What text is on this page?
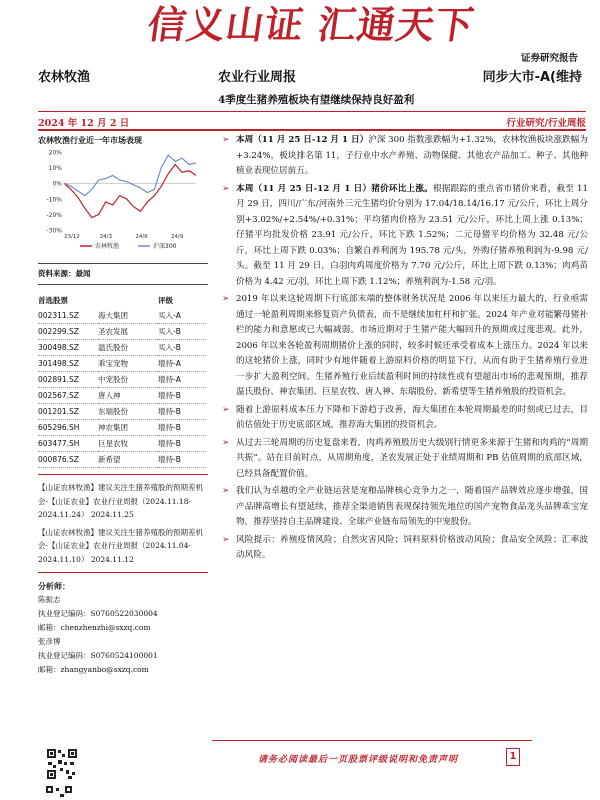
信义山证 汇通天下
证券研究报告
农林牧渔	农业行业周报	同步大市-A(维持
4季度生猪养殖板块有望继续保持良好盈利
2024 年 12 月 2 日	行业研究/行业周报
农林牧渔行业近一年市场表现
20%
10%
0%
-10%
-20%
-30%
23/12	24/3	24/6	24/9
农林牧渔	沪深300
资料来源：最闻
首选股票		评级
002311.SZ	海大集团	买入-A
002299.SZ	圣农发展	买入-B
300498.SZ	温氏股份	买入-B
301498.SZ	乖宝宠物	增持-A
002891.SZ	中宠股份	增持-A
002567.SZ	唐人神	增持-B
001201.SZ	东瑞股份	增持-B
605296.SH	神农集团	增持-B
603477.SH	巨星农牧	增持-B
000876.SZ	新希望	增持-B

【山证农林牧渔】建议关注生猪养殖股的预期差机会-【山证农业】农业行业周报（2024.11.18-2024.11.24） 2024.11.25

【山证农林牧渔】建议关注生猪养殖股的预期差机会-【山证农业】农业行业周报（2024.11.04-2024.11.10） 2024.11.12

分析师：
陈振志
执业登记编码：S0760522030004
邮箱：chenzhenzhi@sxzq.com
张彦博
执业登记编码：S0760524100001
邮箱：zhangyanbo@sxzq.com

➢ 本周（11 月 25 日-12 月 1 日）沪深 300 指数涨跌幅为+1.32%，农林牧渔板块涨跌幅为+3.24%，板块排名第 11，子行业中水产养殖、动物保健、其他农产品加工、种子、其他种植业表现位居前五。

➢ 本周（11 月 25 日-12 月 1 日）猪价环比上涨。根据跟踪的重点省市猪价来看，截至 11 月 29 日，四川/广东/河南外三元生猪均价分别为 17.04/18.14/16.17 元/公斤，环比上周分别+3.02%/+2.54%/+0.31%；平均猪肉价格为 23.51 元/公斤，环比上周上涨 0.13%；仔猪平均批发价格 23.91 元/公斤，环比下跌 1.52%；二元母猪平均价格为 32.48 元/公斤，环比上周下跌 0.03%；自繁自养利润为 195.78 元/头，外购仔猪养殖利润为-9.98 元/头。截至 11 月 29 日，白羽肉鸡周度价格为 7.70 元/公斤，环比上周下跌 0.13%；肉鸡苗价格为 4.42 元/羽，环比上周下跌 1.12%；养殖利润为-1.58 元/羽。

➢ 2019 年以来这轮周期下行底部末端的整体财务状况是 2006 年以来压力最大的，行业亟需通过一轮盈利周期来修复资产负债表，而不是继续加杠杆和扩张。2024 年产业对能繁母猪补栏的能力和意愿或已大幅减弱。市场近期对于生猪产能大幅回升的预期或过度悲观。此外，2006 年以来各轮盈利周期猪价上涨的同时，较多时候还承受着成本上涨压力。2024 年以来的这轮猪价上涨，同时少有地伴随着上游原料价格的明显下行，从而有助于生猪养殖行业进一步扩大盈利空间。生猪养殖行业后续盈利时间的持续性或有望超出市场的悲观预期，推荐温氏股份、神农集团、巨星农牧、唐人神、东瑞股份、新希望等生猪养殖股的投资机会。

➢ 随着上游原料成本压力下降和下游趋于改善，海大集团在本轮周期最差的时刻或已过去，目前估值处于历史底部区域，推荐海大集团的投资机会。

➢ 从过去三轮周期的历史复盘来看，肉鸡养殖股历史大级别行情更多来源于生猪和肉鸡的“周期共振”。站在目前时点，从周期角度，圣农发展正处于业绩周期和 PB 估值周期的底部区域，已经具备配置价值。

➢ 我们认为卓越的全产业链运营是宠粮品牌核心竞争力之一，随着国产品牌效应逐步增强，国产品牌高增长有望延续，推荐全渠道销售表现保持领先地位的国产宠物食品龙头品牌乖宝宠物，推荐坚持自主品牌建设、全球产业链布局领先的中宠股份。

➢ 风险提示：养殖疫情风险；自然灾害风险；饲料原料价格波动风险；食品安全风险；汇率波动风险。

请务必阅读最后一页股票评级说明和免责声明	1
